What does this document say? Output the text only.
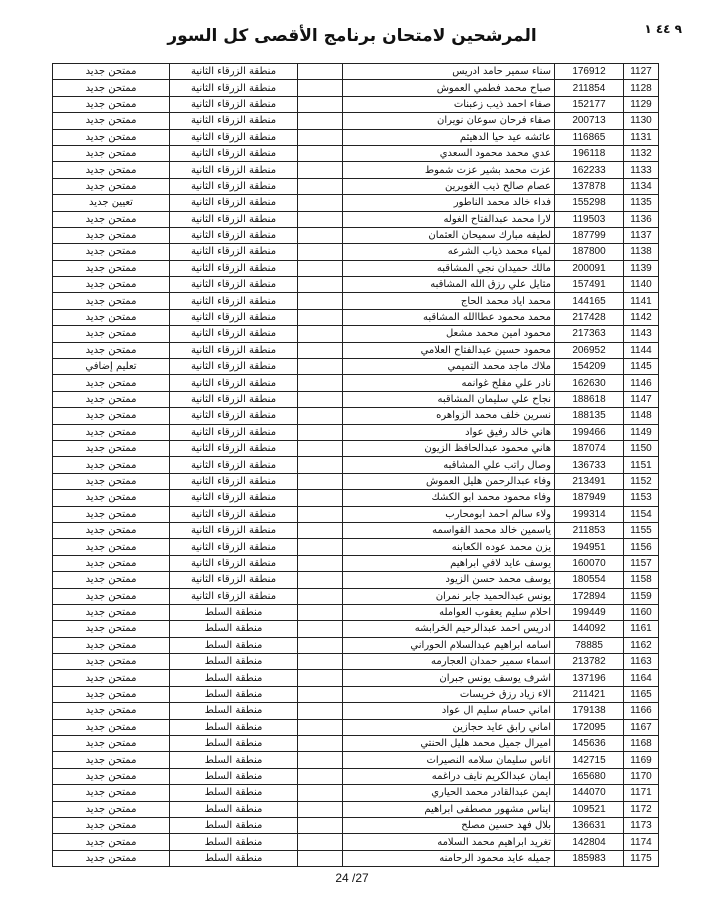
٩ ٤٤ ١
المرشحين لامتحان برنامج الأقصى كل السور
ممتحن جديد	منطقة الزرقاء الثانية		سناء سمير حامد ادريس	176912	1127
ممتحن جديد	منطقة الزرقاء الثانية		صباح محمد فطمي العموش	211854	1128
ممتحن جديد	منطقة الزرقاء الثانية		صفاء احمد ذيب زعبنات	152177	1129
ممتحن جديد	منطقة الزرقاء الثانية		صفاء فرحان سوعان نويران	200713	1130
ممتحن جديد	منطقة الزرقاء الثانية		عائشه عيد حيا الدهيثم	116865	1131
ممتحن جديد	منطقة الزرقاء الثانية		عدي محمد محمود السعدي	196118	1132
ممتحن جديد	منطقة الزرقاء الثانية		عزت محمد بشير عزت شموط	162233	1133
ممتحن جديد	منطقة الزرقاء الثانية		عصام صالح ذيب الغويرين	137878	1134
تعيين جديد	منطقة الزرقاء الثانية		فداء خالد محمد الناطور	155298	1135
ممتحن جديد	منطقة الزرقاء الثانية		لارا محمد عبدالفتاح الغوله	119503	1136
ممتحن جديد	منطقة الزرقاء الثانية		لطيفه مبارك سميحان العثمان	187799	1137
ممتحن جديد	منطقة الزرقاء الثانية		لمياء محمد ذياب الشرعه	187800	1138
ممتحن جديد	منطقة الزرقاء الثانية		مالك حميدان نجي المشاقبه	200091	1139
ممتحن جديد	منطقة الزرقاء الثانية		مثايل علي رزق الله المشاقبه	157491	1140
ممتحن جديد	منطقة الزرقاء الثانية		محمد اياد محمد الحاج	144165	1141
ممتحن جديد	منطقة الزرقاء الثانية		محمد محمود عطاالله المشاقبه	217428	1142
ممتحن جديد	منطقة الزرقاء الثانية		محمود امين محمد مشعل	217363	1143
ممتحن جديد	منطقة الزرقاء الثانية		محمود حسين عبدالفتاح العلامي	206952	1144
تعليم إضافي	منطقة الزرقاء الثانية		ملاك ماجد محمد التميمي	154209	1145
ممتحن جديد	منطقة الزرقاء الثانية		نادر علي مفلح غوانمه	162630	1146
ممتحن جديد	منطقة الزرقاء الثانية		نجاح علي سليمان المشاقبه	188618	1147
ممتحن جديد	منطقة الزرقاء الثانية		نسرين خلف محمد الزواهره	188135	1148
ممتحن جديد	منطقة الزرقاء الثانية		هاني خالد رفيق عواد	199466	1149
ممتحن جديد	منطقة الزرقاء الثانية		هاني محمود عبدالحافظ الزيون	187074	1150
ممتحن جديد	منطقة الزرقاء الثانية		وصال راتب علي المشاقبه	136733	1151
ممتحن جديد	منطقة الزرقاء الثانية		وفاء عبدالرحمن هليل العموش	213491	1152
ممتحن جديد	منطقة الزرقاء الثانية		وفاء محمود محمد ابو الكشك	187949	1153
ممتحن جديد	منطقة الزرقاء الثانية		ولاء سالم احمد ابومحارب	199314	1154
ممتحن جديد	منطقة الزرقاء الثانية		ياسمين خالد محمد القواسمه	211853	1155
ممتحن جديد	منطقة الزرقاء الثانية		يزن محمد عوده الكعابنه	194951	1156
ممتحن جديد	منطقة الزرقاء الثانية		يوسف عايد لافي ابراهيم	160070	1157
ممتحن جديد	منطقة الزرقاء الثانية		يوسف محمد حسن الزيود	180554	1158
ممتحن جديد	منطقة الزرقاء الثانية		يونس عبدالحميد جابر نمران	172894	1159
ممتحن جديد	منطقة السلط		احلام سليم يعقوب العوامله	199449	1160
ممتحن جديد	منطقة السلط		ادريس احمد عبدالرحيم الخرابشه	144092	1161
ممتحن جديد	منطقة السلط		اسامه ابراهيم عبدالسلام الحوراني	78885	1162
ممتحن جديد	منطقة السلط		اسماء سمير حمدان العجارمه	213782	1163
ممتحن جديد	منطقة السلط		اشرف يوسف يونس جبران	137196	1164
ممتحن جديد	منطقة السلط		الاء زياد رزق خريسات	211421	1165
ممتحن جديد	منطقة السلط		اماني حسام سليم ال عواد	179138	1166
ممتحن جديد	منطقة السلط		اماني رابق عايد حجازين	172095	1167
ممتحن جديد	منطقة السلط		اميرال جميل محمد هليل الحنتي	145636	1168
ممتحن جديد	منطقة السلط		اناس سليمان سلامه النصيرات	142715	1169
ممتحن جديد	منطقة السلط		ايمان عبدالكريم نايف دراغمه	165680	1170
ممتحن جديد	منطقة السلط		ايمن عبدالقادر محمد الحياري	144070	1171
ممتحن جديد	منطقة السلط		ايناس مشهور مصطفى ابراهيم	109521	1172
ممتحن جديد	منطقة السلط		بلال فهد حسين مصلح	136631	1173
ممتحن جديد	منطقة السلط		تغريد ابراهيم محمد السلامه	142804	1174
ممتحن جديد	منطقة السلط		جميله عايد محمود الرحامنه	185983	1175
24 /27
